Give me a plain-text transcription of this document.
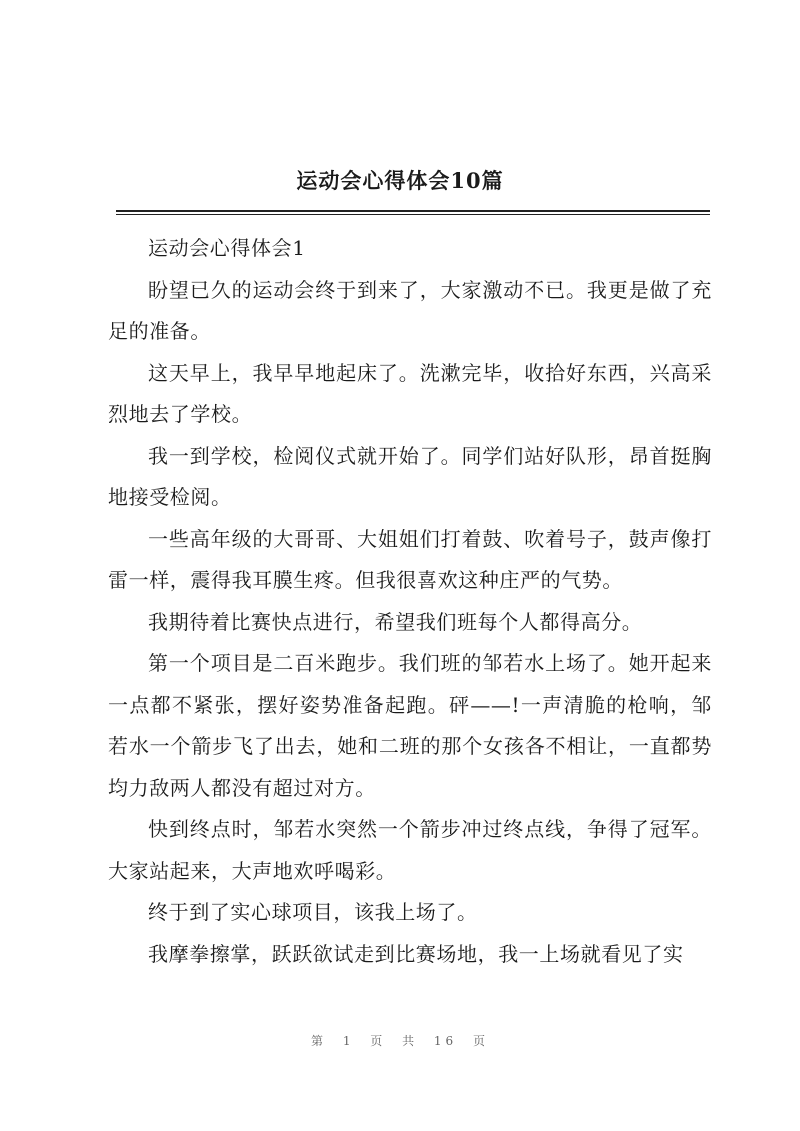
运动会心得体会10篇

运动会心得体会1

盼望已久的运动会终于到来了，大家激动不已。我更是做了充足的准备。

这天早上，我早早地起床了。洗漱完毕，收拾好东西，兴高采烈地去了学校。

我一到学校，检阅仪式就开始了。同学们站好队形，昂首挺胸地接受检阅。

一些高年级的大哥哥、大姐姐们打着鼓、吹着号子，鼓声像打雷一样，震得我耳膜生疼。但我很喜欢这种庄严的气势。

我期待着比赛快点进行，希望我们班每个人都得高分。

第一个项目是二百米跑步。我们班的邹若水上场了。她开起来一点都不紧张，摆好姿势准备起跑。砰——!一声清脆的枪响，邹若水一个箭步飞了出去，她和二班的那个女孩各不相让，一直都势均力敌两人都没有超过对方。

快到终点时，邹若水突然一个箭步冲过终点线，争得了冠军。大家站起来，大声地欢呼喝彩。

终于到了实心球项目，该我上场了。

我摩拳擦掌，跃跃欲试走到比赛场地，我一上场就看见了实

第 1 页 共 16 页
